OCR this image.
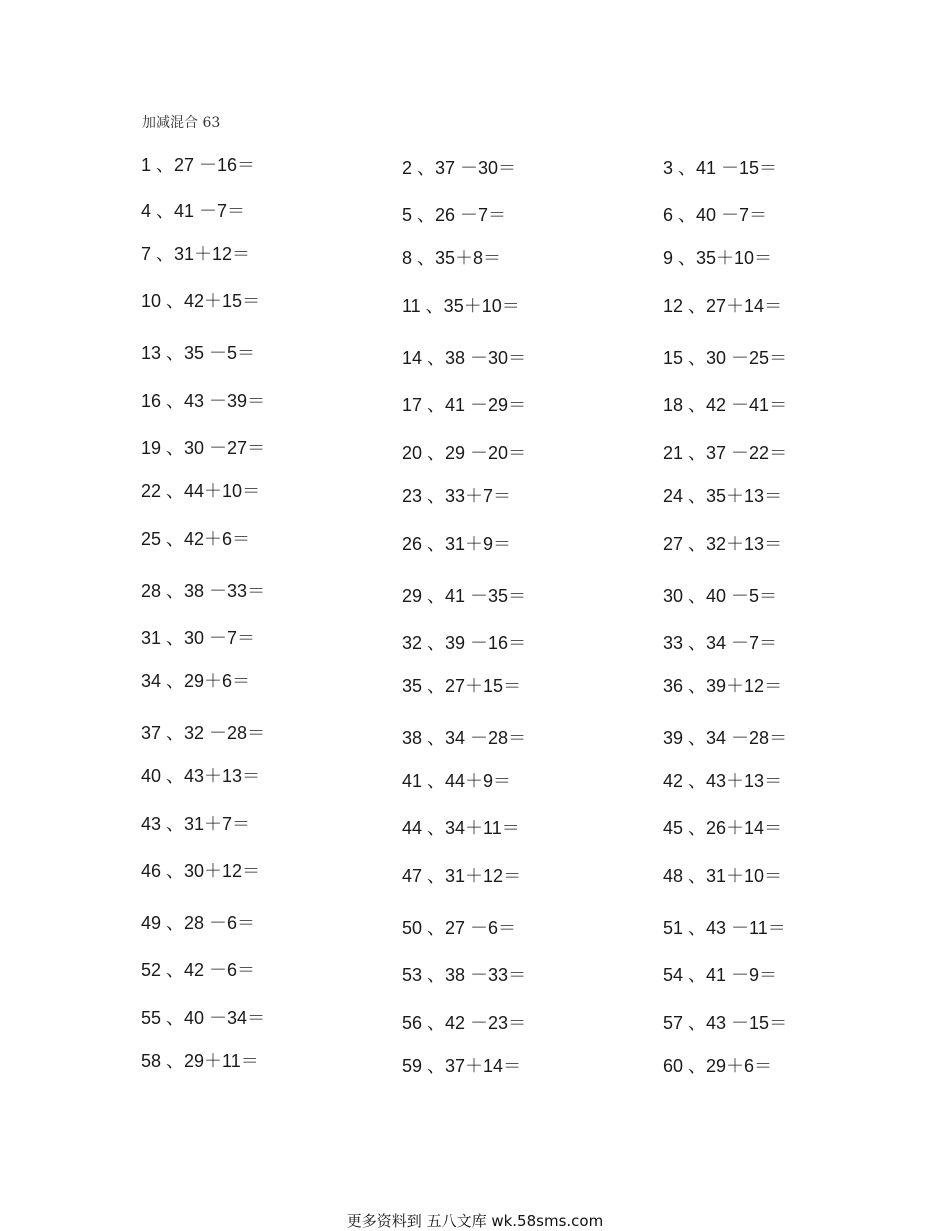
加减混合 63
1 、27 －16＝	2 、37 －30＝	3 、41 －15＝
4 、41 －7＝	5 、26 －7＝	6 、40 －7＝
7 、31＋12＝	8 、35＋8＝	9 、35＋10＝
10 、42＋15＝	11 、35＋10＝	12 、27＋14＝
13 、35 －5＝	14 、38 －30＝	15 、30 －25＝
16 、43 －39＝	17 、41 －29＝	18 、42 －41＝
19 、30 －27＝	20 、29 －20＝	21 、37 －22＝
22 、44＋10＝	23 、33＋7＝	24 、35＋13＝
25 、42＋6＝	26 、31＋9＝	27 、32＋13＝
28 、38 －33＝	29 、41 －35＝	30 、40 －5＝
31 、30 －7＝	32 、39 －16＝	33 、34 －7＝
34 、29＋6＝	35 、27＋15＝	36 、39＋12＝
37 、32 －28＝	38 、34 －28＝	39 、34 －28＝
40 、43＋13＝	41 、44＋9＝	42 、43＋13＝
43 、31＋7＝	44 、34＋11＝	45 、26＋14＝
46 、30＋12＝	47 、31＋12＝	48 、31＋10＝
49 、28 －6＝	50 、27 －6＝	51 、43 －11＝
52 、42 －6＝	53 、38 －33＝	54 、41 －9＝
55 、40 －34＝	56 、42 －23＝	57 、43 －15＝
58 、29＋11＝	59 、37＋14＝	60 、29＋6＝
更多资料到 五八文库 wk.58sms.com
